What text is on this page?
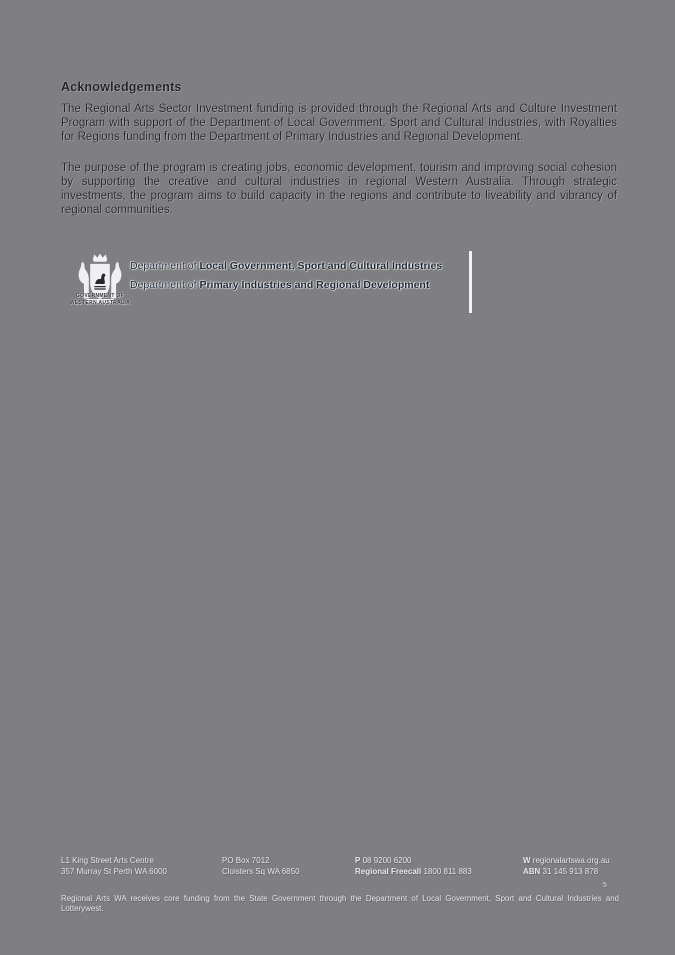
Acknowledgements

The Regional Arts Sector Investment funding is provided through the Regional Arts and Culture Investment Program with support of the Department of Local Government, Sport and Cultural Industries, with Royalties for Regions funding from the Department of Primary Industries and Regional Development.

The purpose of the program is creating jobs, economic development, tourism and improving social cohesion by supporting the creative and cultural industries in regional Western Australia. Through strategic investments, the program aims to build capacity in the regions and contribute to liveability and vibrancy of regional communities.

GOVERNMENT OF
WESTERN AUSTRALIA
Department of Local Government, Sport and Cultural Industries
Department of Primary Industries and Regional Development
L1 King Street Arts Centre
357 Murray St Perth WA 6000
PO Box 7012
Cloisters Sq WA 6850
P 08 9200 6200
Regional Freecall 1800 811 883
W regionalartswa.org.au
ABN 31 145 913 878
5
Regional Arts WA receives core funding from the State Government through the Department of Local Government, Sport and Cultural Industries and Lotterywest.
